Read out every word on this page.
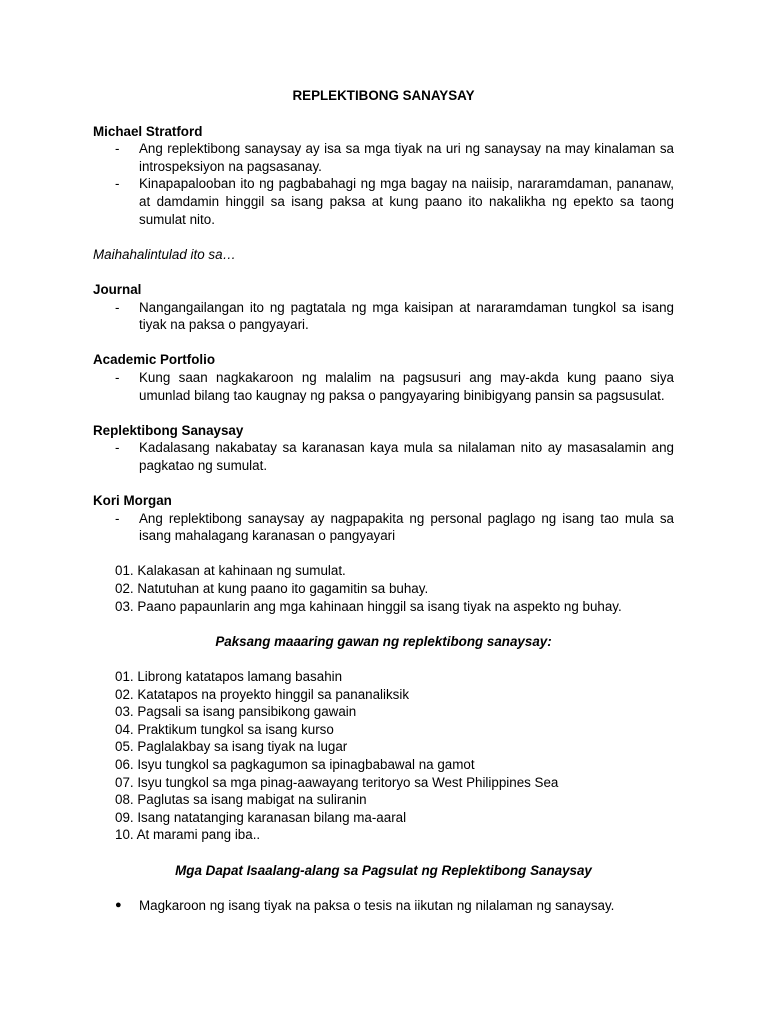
REPLEKTIBONG SANAYSAY

Michael Stratford

- Ang replektibong sanaysay ay isa sa mga tiyak na uri ng sanaysay na may kinalaman sa introspeksiyon na pagsasanay.
- Kinapapalooban ito ng pagbabahagi ng mga bagay na naiisip, nararamdaman, pananaw, at damdamin hinggil sa isang paksa at kung paano ito nakalikha ng epekto sa taong sumulat nito.

Maihahalintulad ito sa…

Journal

- Nangangailangan ito ng pagtatala ng mga kaisipan at nararamdaman tungkol sa isang tiyak na paksa o pangyayari.

Academic Portfolio

- Kung saan nagkakaroon ng malalim na pagsusuri ang may-akda kung paano siya umunlad bilang tao kaugnay ng paksa o pangyayaring binibigyang pansin sa pagsusulat.

Replektibong Sanaysay

- Kadalasang nakabatay sa karanasan kaya mula sa nilalaman nito ay masasalamin ang pagkatao ng sumulat.

Kori Morgan

- Ang replektibong sanaysay ay nagpapakita ng personal paglago ng isang tao mula sa isang mahalagang karanasan o pangyayari
01. Kalakasan at kahinaan ng sumulat.
02. Natutuhan at kung paano ito gagamitin sa buhay.
03. Paano papaunlarin ang mga kahinaan hinggil sa isang tiyak na aspekto ng buhay.

Paksang maaaring gawan ng replektibong sanaysay:

01. Librong katatapos lamang basahin
02. Katatapos na proyekto hinggil sa pananaliksik
03. Pagsali sa isang pansibikong gawain
04. Praktikum tungkol sa isang kurso
05. Paglalakbay sa isang tiyak na lugar
06. Isyu tungkol sa pagkagumon sa ipinagbabawal na gamot
07. Isyu tungkol sa mga pinag-aawayang teritoryo sa West Philippines Sea
08. Paglutas sa isang mabigat na suliranin
09. Isang natatanging karanasan bilang ma-aaral
10. At marami pang iba..

Mga Dapat Isaalang-alang sa Pagsulat ng Replektibong Sanaysay

● Magkaroon ng isang tiyak na paksa o tesis na iikutan ng nilalaman ng sanaysay.
